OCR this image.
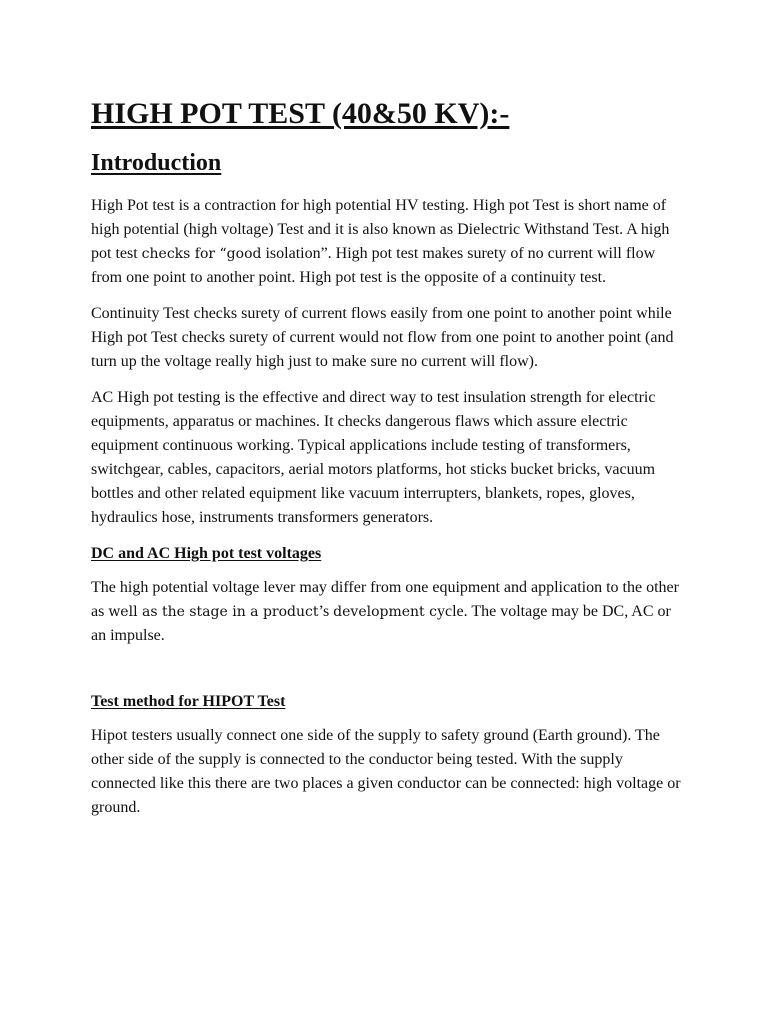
HIGH POT TEST (40&50 KV):-
Introduction

High Pot test is a contraction for high potential HV testing. High pot Test is short name of high potential (high voltage) Test and it is also known as Dielectric Withstand Test. A high pot test checks for “good isolation”. High pot test makes surety of no current will flow from one point to another point. High pot test is the opposite of a continuity test.

Continuity Test checks surety of current flows easily from one point to another point while High pot Test checks surety of current would not flow from one point to another point (and turn up the voltage really high just to make sure no current will flow).

AC High pot testing is the effective and direct way to test insulation strength for electric equipments, apparatus or machines. It checks dangerous flaws which assure electric equipment continuous working. Typical applications include testing of transformers, switchgear, cables, capacitors, aerial motors platforms, hot sticks bucket bricks, vacuum bottles and other related equipment like vacuum interrupters, blankets, ropes, gloves, hydraulics hose, instruments transformers generators.

DC and AC High pot test voltages

The high potential voltage lever may differ from one equipment and application to the other as well as the stage in a product’s development cycle. The voltage may be DC, AC or an impulse.

Test method for HIPOT Test

Hipot testers usually connect one side of the supply to safety ground (Earth ground). The other side of the supply is connected to the conductor being tested. With the supply connected like this there are two places a given conductor can be connected: high voltage or ground.
